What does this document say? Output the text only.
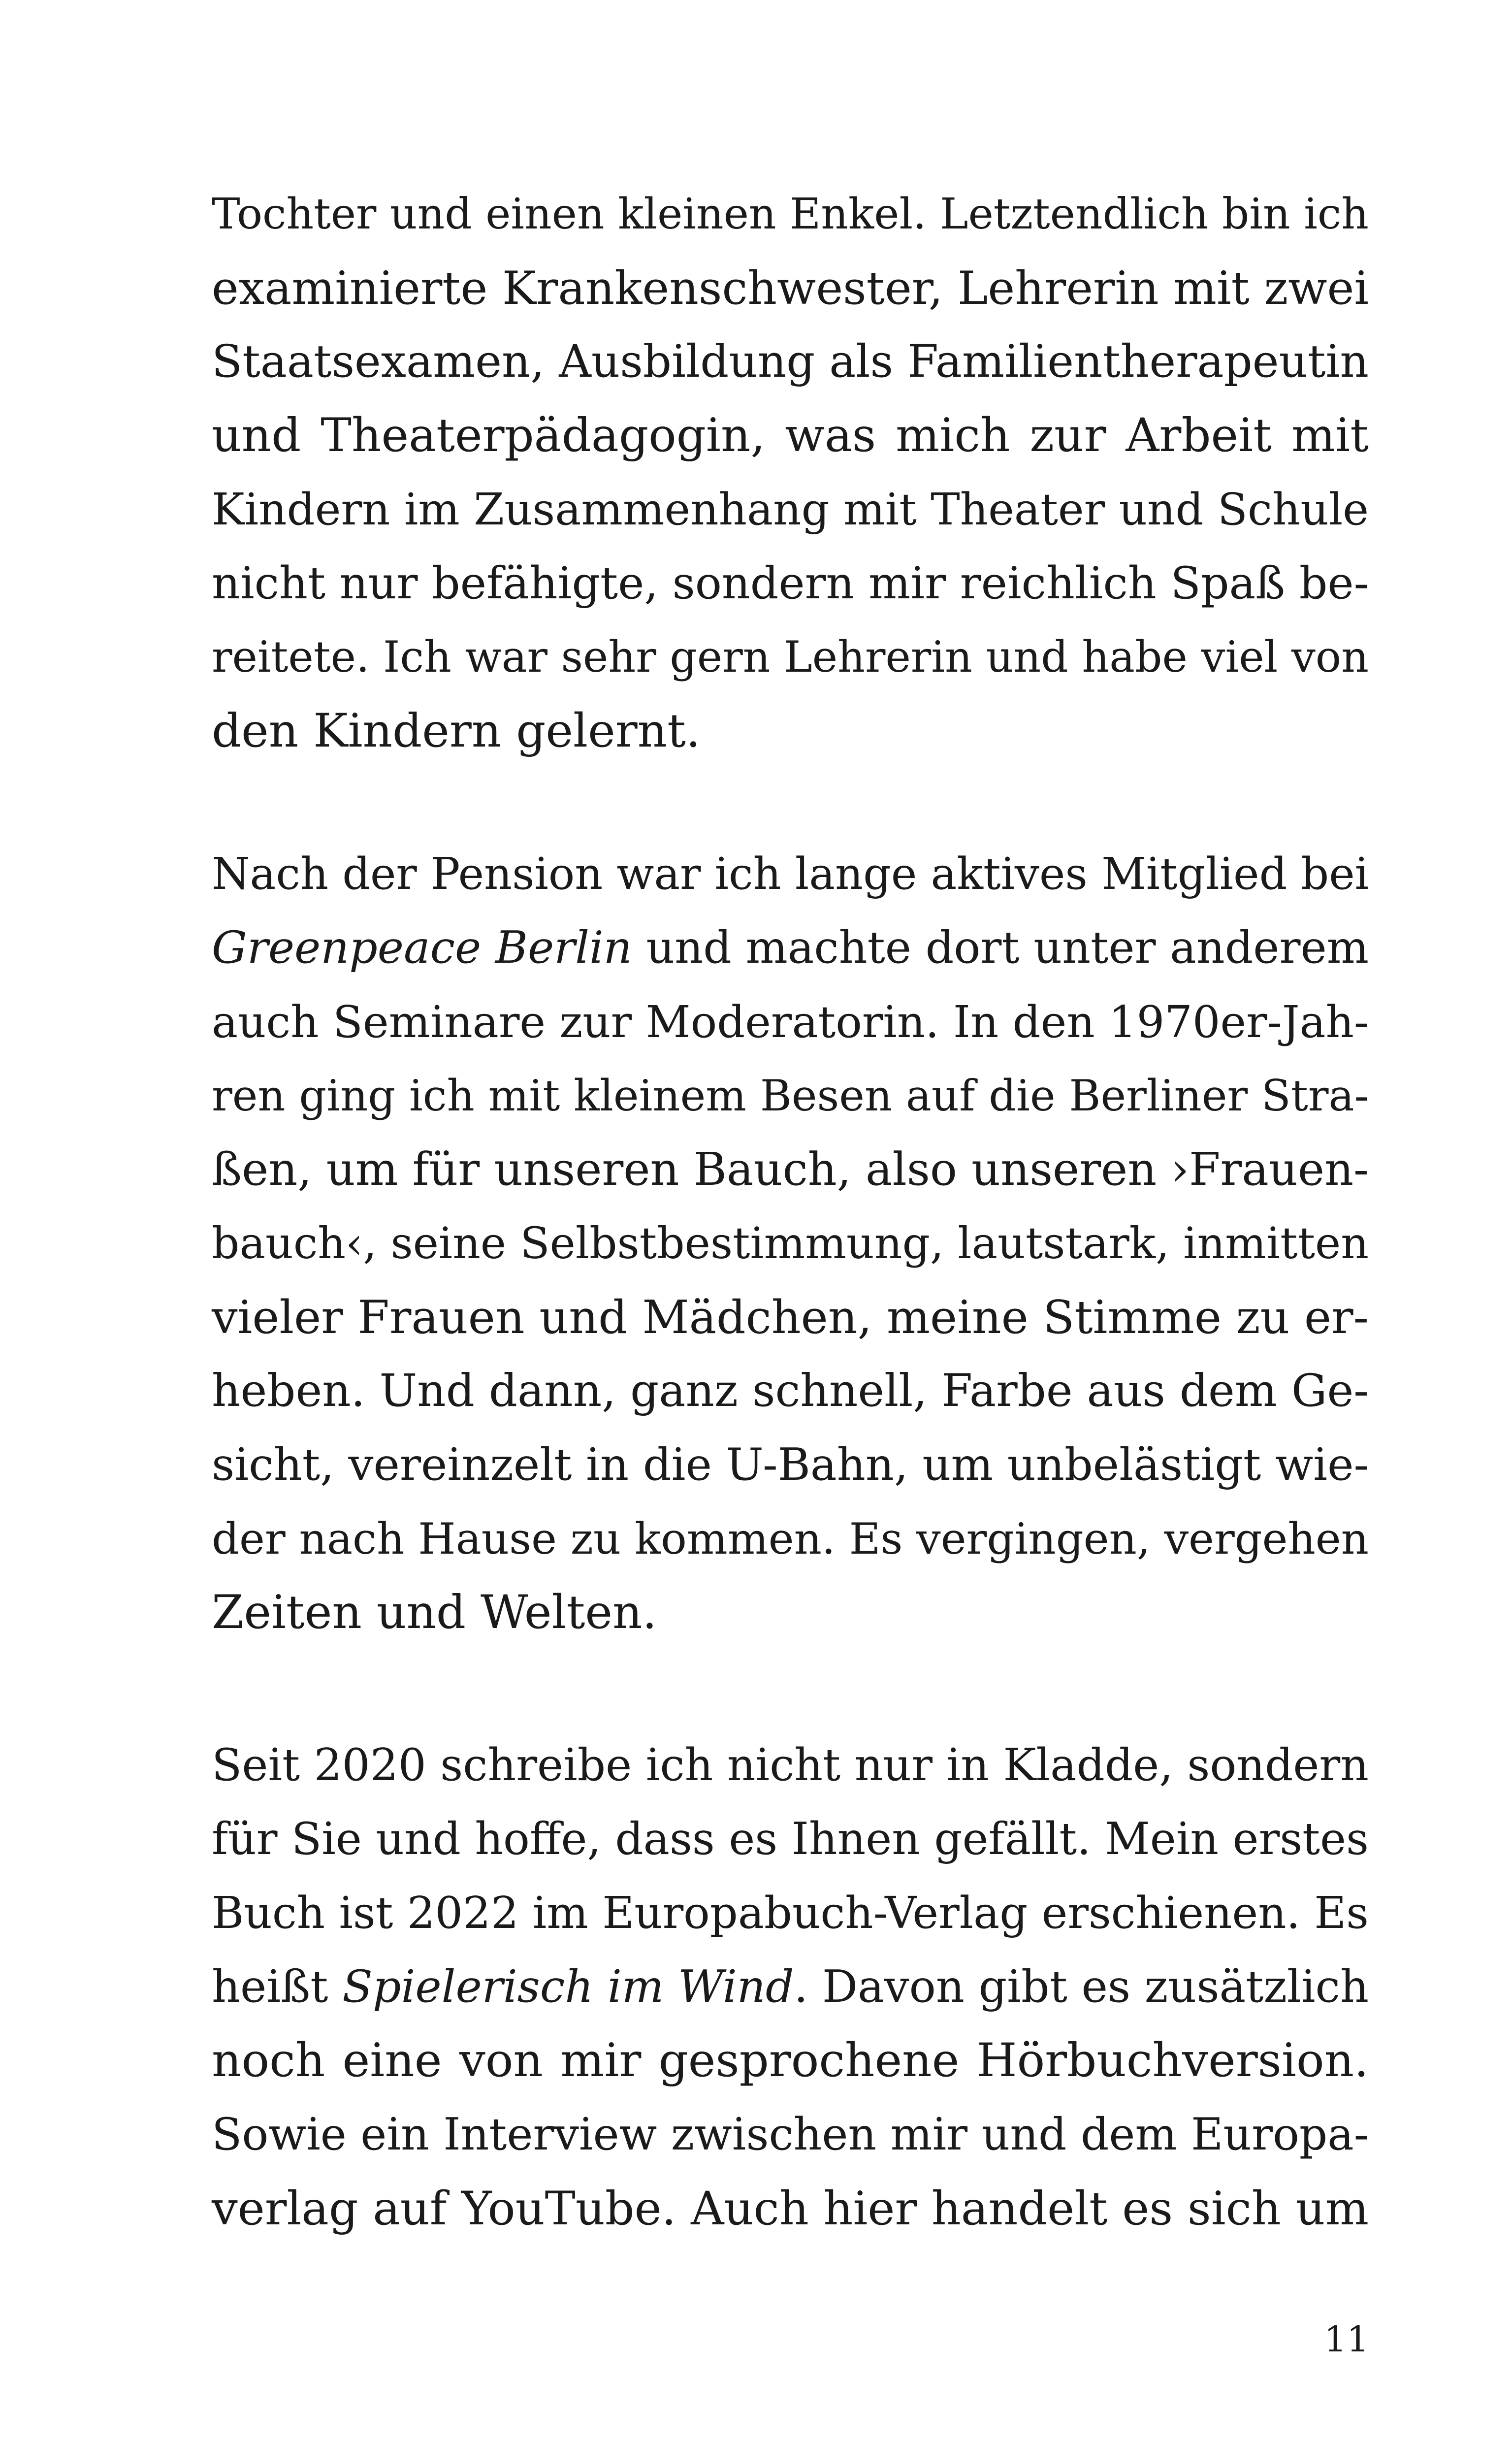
Tochter und einen kleinen Enkel. Letztendlich bin ich
examinierte Krankenschwester, Lehrerin mit zwei
Staatsexamen, Ausbildung als Familientherapeutin
und Theaterpädagogin, was mich zur Arbeit mit
Kindern im Zusammenhang mit Theater und Schule
nicht nur befähigte, sondern mir reichlich Spaß be-
reitete. Ich war sehr gern Lehrerin und habe viel von
den Kindern gelernt.
Nach der Pension war ich lange aktives Mitglied bei
Greenpeace Berlin und machte dort unter anderem
auch Seminare zur Moderatorin. In den 1970er-Jah-
ren ging ich mit kleinem Besen auf die Berliner Stra-
ßen, um für unseren Bauch, also unseren ›Frauen-
bauch‹, seine Selbstbestimmung, lautstark, inmitten
vieler Frauen und Mädchen, meine Stimme zu er-
heben. Und dann, ganz schnell, Farbe aus dem Ge-
sicht, vereinzelt in die U-Bahn, um unbelästigt wie-
der nach Hause zu kommen. Es vergingen, vergehen
Zeiten und Welten.
Seit 2020 schreibe ich nicht nur in Kladde, sondern
für Sie und hoffe, dass es Ihnen gefällt. Mein erstes
Buch ist 2022 im Europabuch-Verlag erschienen. Es
heißt Spielerisch im Wind. Davon gibt es zusätzlich
noch eine von mir gesprochene Hörbuchversion.
Sowie ein Interview zwischen mir und dem Europa-
verlag auf YouTube. Auch hier handelt es sich um
11
